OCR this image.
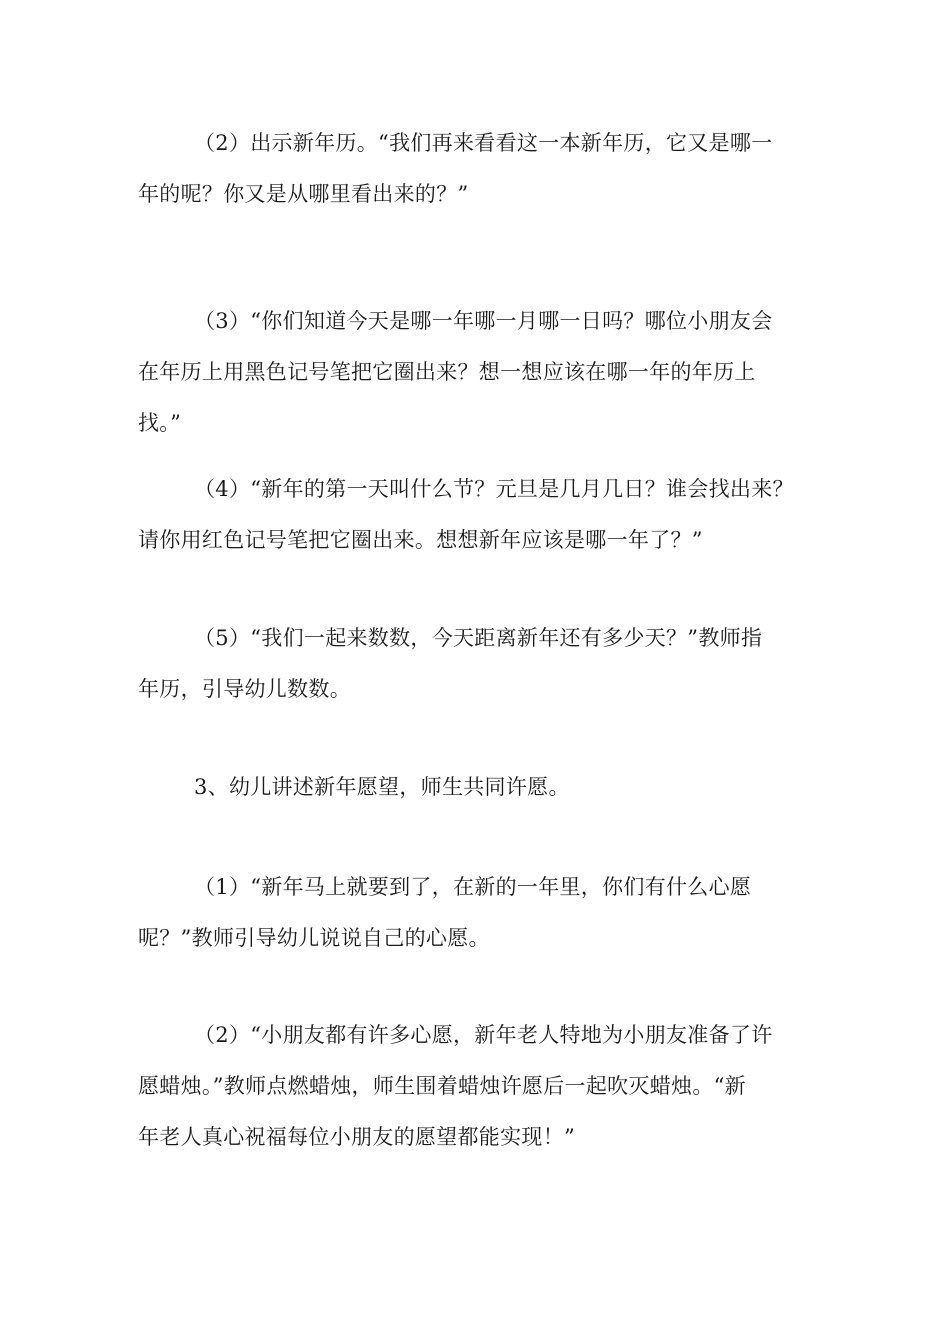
（2）出示新年历。“我们再来看看这一本新年历，它又是哪一
年的呢？你又是从哪里看出来的？”

（3）“你们知道今天是哪一年哪一月哪一日吗？哪位小朋友会
在年历上用黑色记号笔把它圈出来？想一想应该在哪一年的年历上
找。”

（4）“新年的第一天叫什么节？元旦是几月几日？谁会找出来？
请你用红色记号笔把它圈出来。想想新年应该是哪一年了？”

（5）“我们一起来数数，今天距离新年还有多少天？”教师指
年历，引导幼儿数数。

3、幼儿讲述新年愿望，师生共同许愿。

（1）“新年马上就要到了，在新的一年里，你们有什么心愿
呢？”教师引导幼儿说说自己的心愿。

（2）“小朋友都有许多心愿，新年老人特地为小朋友准备了许
愿蜡烛。”教师点燃蜡烛，师生围着蜡烛许愿后一起吹灭蜡烛。“新
年老人真心祝福每位小朋友的愿望都能实现！”
